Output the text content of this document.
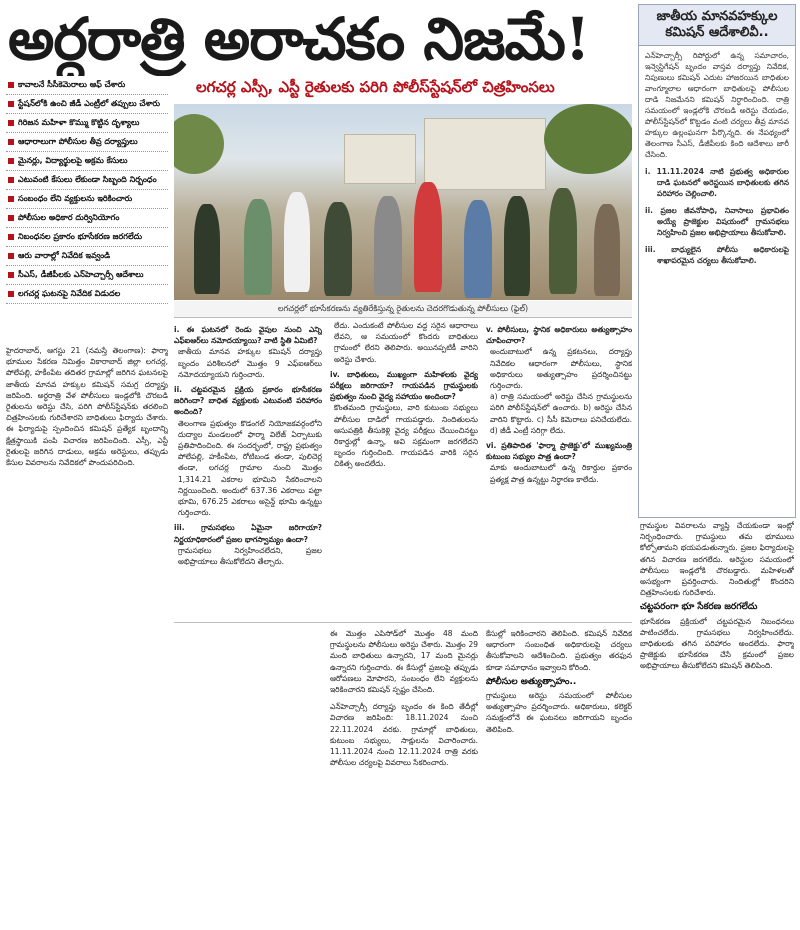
అర్ధరాత్రి అరాచకం నిజమే!
లగచర్ల ఎస్సీ, ఎస్టీ రైతులకు పరిగి పోలీస్‌స్టేషన్‌లో చిత్రహింసలు
జాతీయ మానవహక్కుల కమిషన్ ఆదేశాలివీ..
ఎన్‌హెచ్చార్సీ రిపోర్టులో ఉన్న సమాచారం, ఇన్వెస్టిగేషన్ బృందం వాస్తవ దర్యాప్తు నివేదిక, నిపుణులు కమిషన్ ఎదుట హాజరయిన బాధితుల వాంగ్మూలాల ఆధారంగా బాధితులపై పోలీసుల దాడి నిజమేనని కమిషన్ నిర్ధారించింది. రాత్రి సమయంలో ఇండ్లలోకి చొరబడి అరెస్టు చేయడం, పోలీస్‌స్టేషన్‌లో కొట్టడం వంటి చర్యలు తీవ్ర మానవ హక్కుల ఉల్లంఘనగా పేర్కొన్నది. ఈ నేపథ్యంలో తెలంగాణ సీఎస్, డీజీపీలకు కింది ఆదేశాలు జారీ చేసింది.
i. 11.11.2024 నాటి ప్రభుత్వ అధికారుల దాడి ఘటనలో అరెస్టయిన బాధితులకు తగిన పరిహారం చెల్లించాలి.
ii. ప్రజల జీవనోపాధి, నివాసాలు ప్రభావితం అయ్యే ప్రాజెక్టుల విషయంలో గ్రామసభలు నిర్వహించి ప్రజల అభిప్రాయాలు తీసుకోవాలి.
iii. బాధ్యులైన పోలీసు అధికారులపై శాఖాపరమైన చర్యలు తీసుకోవాలి.
కావాలనే సీసీకెమెరాలు ఆఫ్ చేశారు
స్టేషన్‌లోకి ఉంచి జీడీ ఎంట్రీలో తప్పులు చేశారు
గిరిజన మహిళా కొమ్ము కొట్టిన దృశ్యాలు
ఆధారాలుగా పోలీసుల తీవ్ర దర్యాప్తులు
మైనర్లు, విద్యార్థులపై అక్రమ కేసులు
ఎటువంటి కేసులు లేకుండా సిబ్బంది నిర్బంధం
సంబంధం లేని వ్యక్తులను ఇరికించారు
పోలీసుల అధికార దుర్వినియోగం
నిబంధనల ప్రకారం భూసేకరణ జరగలేదు
ఆరు వారాల్లో నివేదిక ఇవ్వండి
సీఎస్, డీజీపీలకు ఎన్‌హెచ్చార్సీ ఆదేశాలు
లగచర్ల ఘటనపై నివేదిక విడుదల
హైదరాబాద్, ఆగస్టు 21 (నమస్తే తెలంగాణ): ఫార్మా భూముల సేకరణ నిమిత్తం వికారాబాద్ జిల్లా లగచర్ల, పోలేపల్లి, హకీంపేట తదితర గ్రామాల్లో జరిగిన ఘటనలపై జాతీయ మానవ హక్కుల కమిషన్ సమగ్ర దర్యాప్తు జరిపింది. అర్ధరాత్రి వేళ పోలీసులు ఇండ్లలోకి చొరబడి రైతులను అరెస్టు చేసి, పరిగి పోలీస్‌స్టేషన్‌కు తరలించి చిత్రహింసలకు గురిచేశారని బాధితులు ఫిర్యాదు చేశారు. ఈ ఫిర్యాదుపై స్పందించిన కమిషన్ ప్రత్యేక బృందాన్ని క్షేత్రస్థాయికి పంపి విచారణ జరిపించింది. ఎస్సీ, ఎస్టీ రైతులపై జరిగిన దాడులు, అక్రమ అరెస్టులు, తప్పుడు కేసుల వివరాలను నివేదికలో పొందుపరిచింది.
లగచర్లలో భూసేకరణను వ్యతిరేకిస్తున్న రైతులను చెదరగొడుతున్న పోలీసులు (ఫైల్)
i. ఈ ఘటనలో రెండు వైపుల నుంచి ఎన్ని ఎఫ్‌ఐఆర్‌లు నమోదయ్యాయి? వాటి స్థితి ఏమిటి?
జాతీయ మానవ హక్కుల కమిషన్ దర్యాప్తు బృందం పరిశీలనలో మొత్తం 9 ఎఫ్‌ఐఆర్‌లు నమోదయ్యాయని గుర్తించారు.
ii. చట్టపరమైన ప్రక్రియ ప్రకారం భూసేకరణ జరిగిందా? బాధిత వ్యక్తులకు ఎటువంటి పరిహారం అందింది?
తెలంగాణ ప్రభుత్వం కొడంగల్ నియోజకవర్గంలోని దుద్యాల మండలంలో ఫార్మా విలేజ్ ఏర్పాటుకు ప్రతిపాదించింది. ఈ సందర్భంలో, రాష్ట్ర ప్రభుత్వం పోలేపల్లి, హకీంపేట, రోటిబండ తండా, పులిచెర్ల తండా, లగచర్ల గ్రామాల నుంచి మొత్తం 1,314.21 ఎకరాల భూమిని సేకరించాలని నిర్ణయించింది. అందులో 637.36 ఎకరాలు పట్టా భూమి, 676.25 ఎకరాలు అసైన్డ్ భూమి ఉన్నట్టు గుర్తించారు.
iii. గ్రామసభలు ఏమైనా జరిగాయా? నిర్ణయాధికారంలో ప్రజల భాగస్వామ్యం ఉందా?
గ్రామసభలు నిర్వహించలేదని, ప్రజల అభిప్రాయాలు తీసుకోలేదని తేల్చారు.
లేదు. ఎందుకంటే పోలీసుల వద్ద సరైన ఆధారాలు లేవని, ఆ సమయంలో కొందరు బాధితులు గ్రామంలో లేరని తెలిపారు. అయినప్పటికీ వారిని అరెస్టు చేశారు.
iv. బాధితులు, ముఖ్యంగా మహిళలకు వైద్య పరీక్షలు జరిగాయా? గాయపడిన గ్రామస్థులకు ప్రభుత్వం నుంచి వైద్య సహాయం అందిందా?
కొంతమంది గ్రామస్థులు, వారి కుటుంబ సభ్యులు పోలీసుల దాడిలో గాయపడ్డారు. నిందితులను ఆసుపత్రికి తీసుకెళ్లి వైద్య పరీక్షలు చేయించినట్టు రికార్డుల్లో ఉన్నా, అవి సక్రమంగా జరగలేదని బృందం గుర్తించింది. గాయపడిన వారికి సరైన చికిత్స అందలేదు.
v. పోలీసులు, స్థానిక అధికారులు అత్యుత్సాహం చూపించారా?
అందుబాటులో ఉన్న ప్రకటనలు, దర్యాప్తు నివేదికల ఆధారంగా పోలీసులు, స్థానిక అధికారులు అత్యుత్సాహం ప్రదర్శించినట్టు గుర్తించారు.
a) రాత్రి సమయంలో అరెస్టు చేసిన గ్రామస్థులను పరిగి పోలీస్‌స్టేషన్‌లో ఉంచారు. b) అరెస్టు చేసిన వారిని కొట్టారు. c) సీసీ కెమెరాలు పనిచేయలేదు. d) జీడీ ఎంట్రీ సరిగ్గా లేదు.
vi. ప్రతిపాదిత 'ఫార్మా ప్రాజెక్టు'లో ముఖ్యమంత్రి కుటుంబ సభ్యుల పాత్ర ఉందా?
మాకు అందుబాటులో ఉన్న రికార్డుల ప్రకారం ప్రత్యక్ష పాత్ర ఉన్నట్టు నిర్ధారణ కాలేదు.
ఈ మొత్తం ఎపిసోడ్‌లో మొత్తం 48 మంది గ్రామస్థులను పోలీసులు అరెస్టు చేశారు. మొత్తం 29 మంది బాధితులు ఉన్నారని, 17 మంది మైనర్లు ఉన్నారని గుర్తించారు. ఈ కేసుల్లో ప్రజలపై తప్పుడు ఆరోపణలు మోపారని, సంబంధం లేని వ్యక్తులను ఇరికించారని కమిషన్ స్పష్టం చేసింది.
ఎన్‌హెచ్చార్సీ దర్యాప్తు బృందం ఈ కింది తేదీల్లో విచారణ జరిపింది: 18.11.2024 నుంచి 22.11.2024 వరకు. గ్రామాల్లో బాధితులు, కుటుంబ సభ్యులు, సాక్షులను విచారించారు. 11.11.2024 నుంచి 12.11.2024 రాత్రి వరకు పోలీసుల చర్యలపై వివరాలు సేకరించారు.
కేసుల్లో ఇరికించారని తెలిపింది. కమిషన్ నివేదిక ఆధారంగా సంబంధిత అధికారులపై చర్యలు తీసుకోవాలని ఆదేశించింది. ప్రభుత్వం తరఫున కూడా సమాధానం ఇవ్వాలని కోరింది.
పోలీసుల అత్యుత్సాహం..
గ్రామస్థులు అరెస్టు సమయంలో పోలీసుల అత్యుత్సాహం ప్రదర్శించారు. అధికారులు, కలెక్టర్ సమక్షంలోనే ఈ ఘటనలు జరిగాయని బృందం తెలిపింది.
గ్రామస్థుల వివరాలను వ్యాప్తి చేయకుండా ఇంట్లో నిర్బంధించారు. గ్రామస్థులు తమ భూములు కోల్పోతామని భయపడుతున్నారు. ప్రజల ఫిర్యాదులపై తగిన విచారణ జరగలేదు. అరెస్టుల సమయంలో పోలీసులు ఇండ్లలోకి చొరబడ్డారు. మహిళలతో అసభ్యంగా ప్రవర్తించారు. నిందితుల్లో కొందరిని చిత్రహింసలకు గురిచేశారు.
చట్టపరంగా భూ సేకరణ జరగలేదు
భూసేకరణ ప్రక్రియలో చట్టపరమైన నిబంధనలు పాటించలేదు. గ్రామసభలు నిర్వహించలేదు. బాధితులకు తగిన పరిహారం అందలేదు. ఫార్మా ప్రాజెక్టుకు భూసేకరణ చేసే క్రమంలో ప్రజల అభిప్రాయాలు తీసుకోలేదని కమిషన్ తెలిపింది.
